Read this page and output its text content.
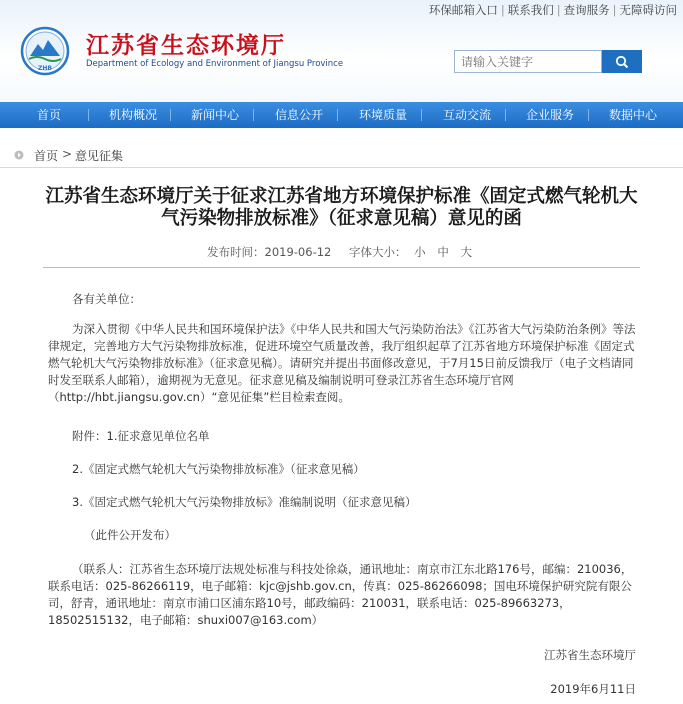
环保邮箱入口 | 联系我们 | 查询服务 | 无障碍访问
ZHB
江苏省生态环境厅
Department of Ecology and Environment of Jiangsu Province
请输入关键字
首页	机构概况	新闻中心	信息公开	环境质量	互动交流	企业服务	数据中心
首页 > 意见征集
江苏省生态环境厅关于征求江苏省地方环境保护标准《固定式燃气轮机大气污染物排放标准》（征求意见稿）意见的函
发布时间：2019-06-12 字体大小： 小 中 大
各有关单位：
为深入贯彻《中华人民共和国环境保护法》《中华人民共和国大气污染防治法》《江苏省大气污染防治条例》等法律规定，完善地方大气污染物排放标准，促进环境空气质量改善，我厅组织起草了江苏省地方环境保护标准《固定式燃气轮机大气污染物排放标准》（征求意见稿）。请研究并提出书面修改意见，于7月15日前反馈我厅（电子文档请同时发至联系人邮箱），逾期视为无意见。征求意见稿及编制说明可登录江苏省生态环境厅官网（http://hbt.jiangsu.gov.cn）“意见征集”栏目检索查阅。
附件：1.征求意见单位名单
2.《固定式燃气轮机大气污染物排放标准》（征求意见稿）
3.《固定式燃气轮机大气污染物排放标》准编制说明（征求意见稿）
（此件公开发布）
（联系人：江苏省生态环境厅法规处标准与科技处徐焱，通讯地址：南京市江东北路176号，邮编：210036，联系电话：025-86266119，电子邮箱：kjc@jshb.gov.cn，传真：025-86266098；国电环境保护研究院有限公司，舒青，通讯地址：南京市浦口区浦东路10号，邮政编码：210031，联系电话：025-89663273，18502515132，电子邮箱：shuxi007@163.com）
江苏省生态环境厅
2019年6月11日
